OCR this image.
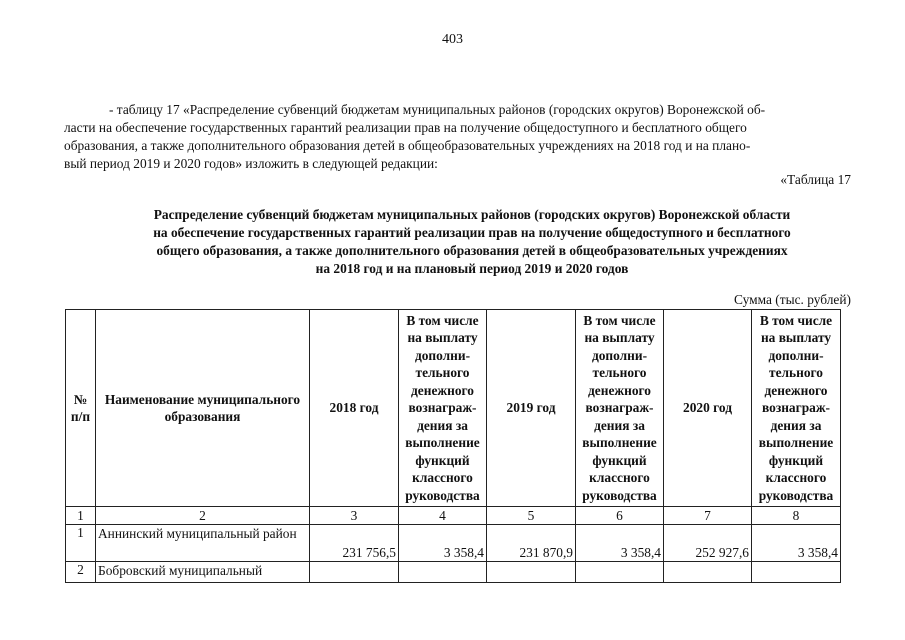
403
- таблицу 17 «Распределение субвенций бюджетам муниципальных районов (городских округов) Воронежской об-
ласти на обеспечение государственных гарантий реализации прав на получение общедоступного и бесплатного общего
образования, а также дополнительного образования детей в общеобразовательных учреждениях на 2018 год и на плано-
вый период 2019 и 2020 годов» изложить в следующей редакции:
«Таблица 17
Распределение субвенций бюджетам муниципальных районов (городских округов) Воронежской области
на обеспечение государственных гарантий реализации прав на получение общедоступного и бесплатного
общего образования, а также дополнительного образования детей в общеобразовательных учреждениях
на 2018 год и на плановый период 2019 и 2020 годов
Сумма (тыс. рублей)
№ п/п	Наименование муниципального образования	2018 год	В том числе на выплату дополни-тельного денежного вознаграж-дения за выполнение функций классного руководства	2019 год	В том числе на выплату дополни-тельного денежного вознаграж-дения за выполнение функций классного руководства	2020 год	В том числе на выплату дополни-тельного денежного вознаграж-дения за выполнение функций классного руководства
1	2	3	4	5	6	7	8
1	Аннинский муниципальный район	231 756,5	3 358,4	231 870,9	3 358,4	252 927,6	3 358,4
2	Бобровский муниципальный						
